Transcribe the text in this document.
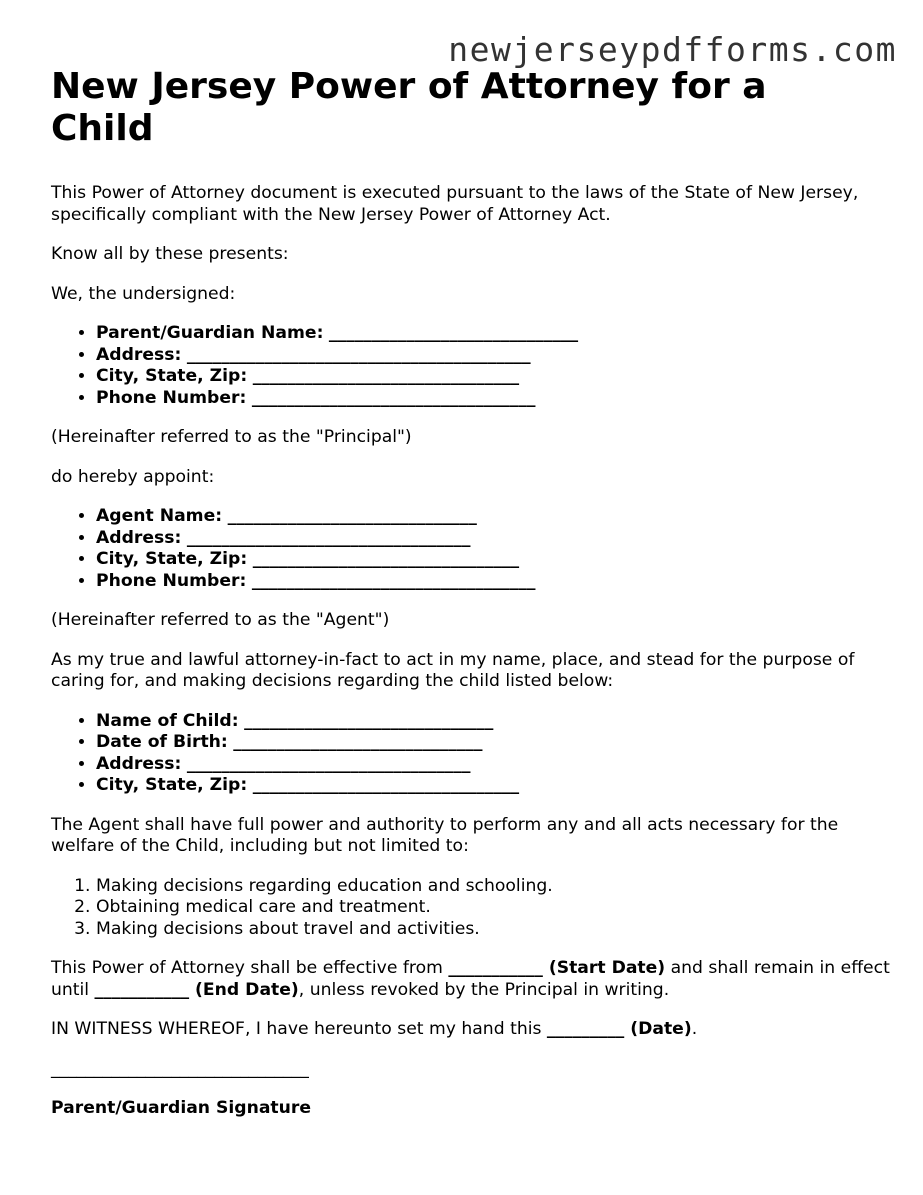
newjerseypdfforms.com
New Jersey Power of Attorney for a Child

This Power of Attorney document is executed pursuant to the laws of the State of New Jersey, specifically compliant with the New Jersey Power of Attorney Act.

Know all by these presents:

We, the undersigned:

• Parent/Guardian Name: _____________________________
• Address: ________________________________________
• City, State, Zip: _______________________________
• Phone Number: _________________________________

(Hereinafter referred to as the "Principal")

do hereby appoint:

• Agent Name: _____________________________
• Address: _________________________________
• City, State, Zip: _______________________________
• Phone Number: _________________________________

(Hereinafter referred to as the "Agent")

As my true and lawful attorney-in-fact to act in my name, place, and stead for the purpose of caring for, and making decisions regarding the child listed below:

• Name of Child: _____________________________
• Date of Birth: _____________________________
• Address: _________________________________
• City, State, Zip: _______________________________

The Agent shall have full power and authority to perform any and all acts necessary for the welfare of the Child, including but not limited to:

1. Making decisions regarding education and schooling.
2. Obtaining medical care and treatment.
3. Making decisions about travel and activities.

This Power of Attorney shall be effective from ___________ (Start Date) and shall remain in effect until ___________ (End Date), unless revoked by the Principal in writing.

IN WITNESS WHEREOF, I have hereunto set my hand this _________ (Date).

______________________________

Parent/Guardian Signature
